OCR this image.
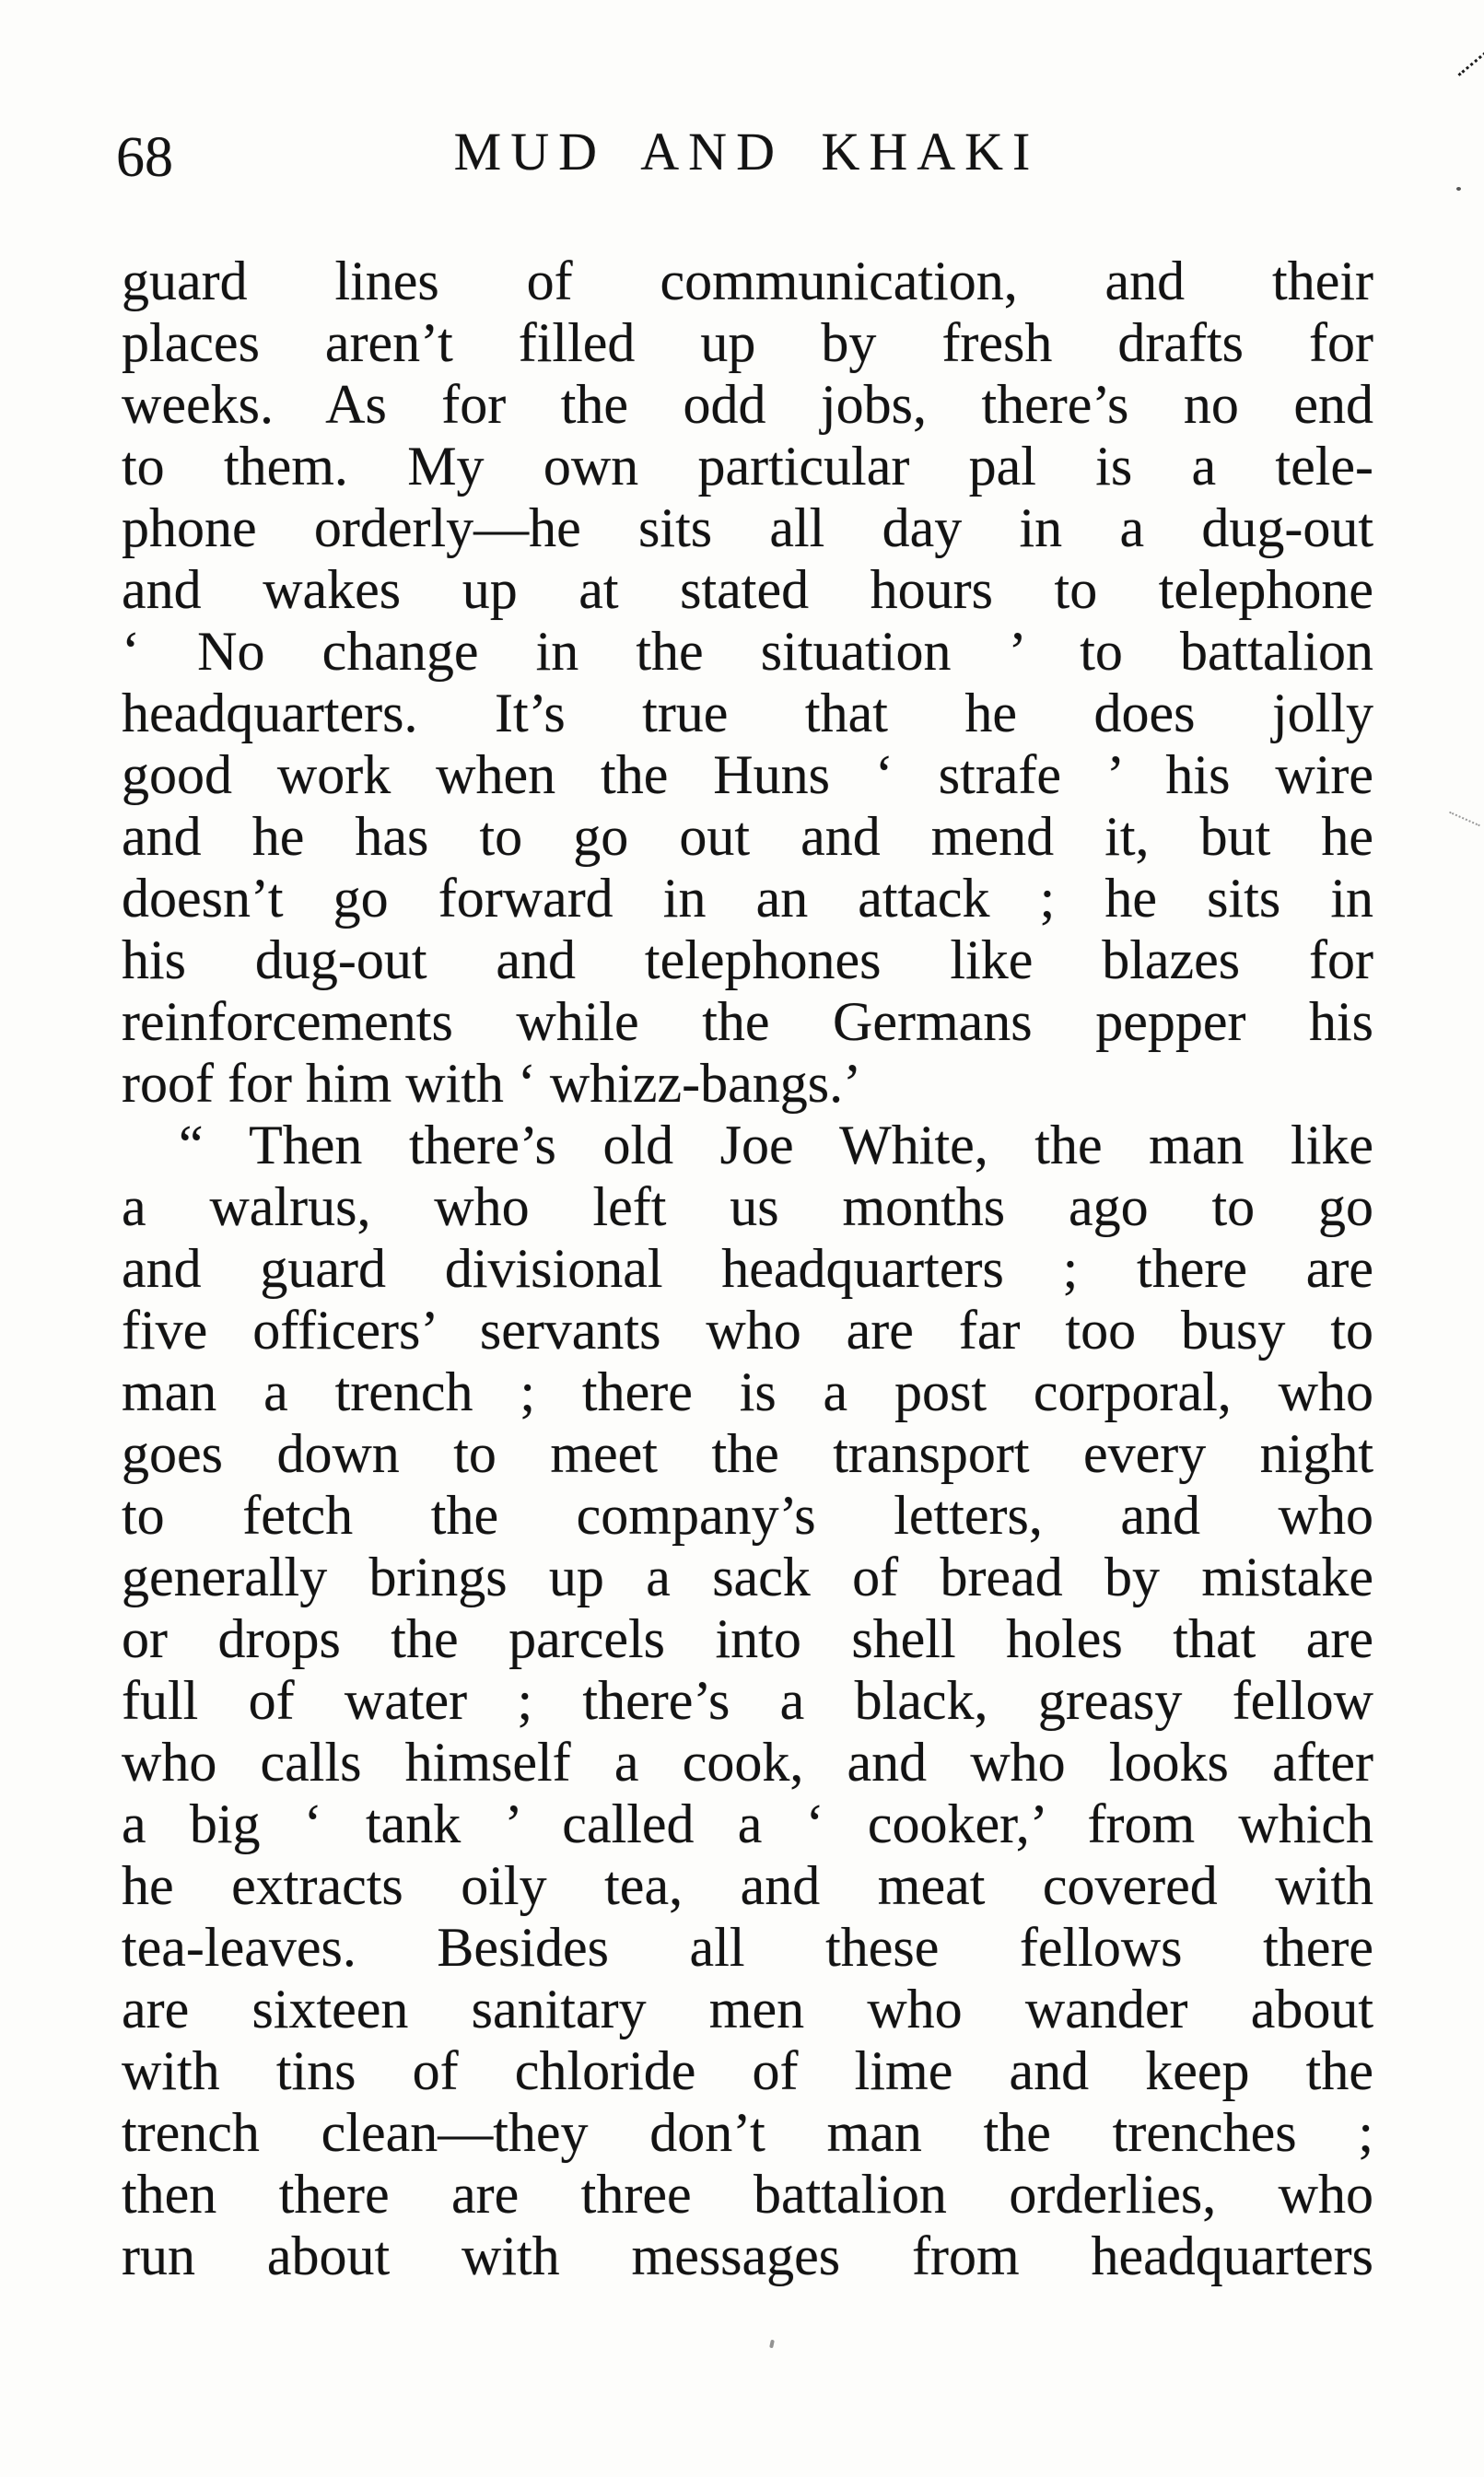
68	MUD AND KHAKI
guard lines of communication, and their
places aren’t filled up by fresh drafts for
weeks. As for the odd jobs, there’s no end
to them. My own particular pal is a tele-
phone orderly—he sits all day in a dug-out
and wakes up at stated hours to telephone
‘ No change in the situation ’ to battalion
headquarters. It’s true that he does jolly
good work when the Huns ‘ strafe ’ his wire
and he has to go out and mend it, but he
doesn’t go forward in an attack ; he sits in
his dug-out and telephones like blazes for
reinforcements while the Germans pepper his
roof for him with ‘ whizz-bangs.’
“ Then there’s old Joe White, the man like
a walrus, who left us months ago to go
and guard divisional headquarters ; there are
five officers’ servants who are far too busy to
man a trench ; there is a post corporal, who
goes down to meet the transport every night
to fetch the company’s letters, and who
generally brings up a sack of bread by mistake
or drops the parcels into shell holes that are
full of water ; there’s a black, greasy fellow
who calls himself a cook, and who looks after
a big ‘ tank ’ called a ‘ cooker,’ from which
he extracts oily tea, and meat covered with
tea-leaves. Besides all these fellows there
are sixteen sanitary men who wander about
with tins of chloride of lime and keep the
trench clean—they don’t man the trenches ;
then there are three battalion orderlies, who
run about with messages from headquarters
